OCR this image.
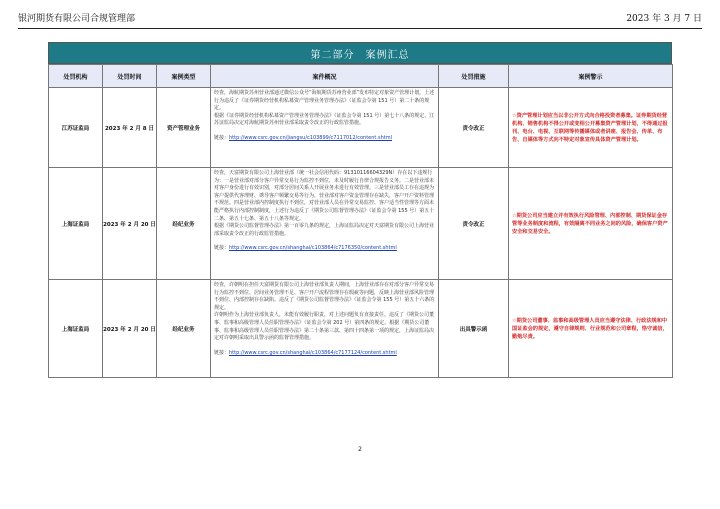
银河期货有限公司合规管理部	2023 年 3 月 7 日
第二部分　案例汇总
处罚机构	处罚时间	案例类型	案件概况	处罚措施	案例警示
江苏证监局	2023 年 2 月 8 日	资产管理业务	经查，海航期货苏州营业部通过微信公众号“海航期货苏州营业部”发布特定对象资产管理计划，上述行为违反了《证券期货经营机构私募资产管理业务管理办法》（证监会令第 151 号）第二十条的规定。

根据《证券期货经营机构私募资产管理业务管理办法》（证监会令第 151 号）第七十八条的规定，江苏证监局决定对海航期货苏州营业部采取责令改正的行政监管措施。

链接：http://www.csrc.gov.cn/jiangsu/c103899/c7117012/content.shtml	责令改正	☆资产管理计划应当以非公开方式向合格投资者募集。证券期货经营机构、销售机构不得公开或变相公开募集资产管理计划，不得通过报刊、电台、电视、互联网等传播媒体或者讲座、报告会、传单、布告、自媒体等方式向不特定对象宣传具体资产管理计划。
上海证监局	2023 年 2 月 20 日	经纪业务	经查，天富期货有限公司上海营业部（统一社会信用代码：91310116604329N）存在以下违规行为：一是营业部对部分客户异常交易行为监控不到位，未及时履行自律合规报告义务。二是营业部未对客户身份进行有效识别，对部分居间关系人开展业务未进行有效管理。三是营业部员工存在违规为客户提供代客理财、诱导客户频繁交易等行为，营业部对客户资金管理存在缺失，客户开户资料管理不规范。四是营业部内控制度执行不到位，对营业部人员在异常交易监控、客户适当性管理等方面未能严格执行内部控制制度，上述行为违反了《期货公司监督管理办法》（证监会令第 155 号）第五十二条、第五十七条、第五十八条等规定。

根据《期货公司监督管理办法》第一百零九条的规定，上海证监局决定对天富期货有限公司上海营业部采取责令改正的行政监管措施。

链接：http://www.csrc.gov.cn/shanghai/c103864/c7176350/content.shtml	责令改正	☆期货公司应当建立并有效执行风险管理、内部控制、期货保证金存管等业务制度和流程，有效隔离不同业务之间的风险，确保客户资产安全和交易安全。
上海证监局	2023 年 2 月 20 日	经纪业务	经查，许朝明在担任天富期货有限公司上海营业部负责人期间，上海营业部存在对部分客户异常交易行为监控不到位、居间业务管理不足、客户开户流程管理存在瑕疵等问题，反映上海营业部风险管理不到位、内部控制存在缺陷。违反了《期货公司监督管理办法》（证监会令第 155 号）第五十六条的规定。

许朝明作为上海营业部负责人，未能有效履行职责，对上述问题负有直接责任。违反了《期货公司董事、监事和高级管理人员任职管理办法》（证监会令第 202 号）第四条的规定。根据《期货公司董事、监事和高级管理人员任职管理办法》第二十条第三款、第四十四条第一项的规定，上海证监局决定对许朝明采取出具警示函的监督管理措施。

链接：http://www.csrc.gov.cn/shanghai/c103864/c7177124/content.shtml	出具警示函	☆期货公司董事、监事和高级管理人员应当遵守法律、行政法规和中国证监会的规定，遵守自律规则、行业规范和公司章程，恪守诚信，勤勉尽责。
2
